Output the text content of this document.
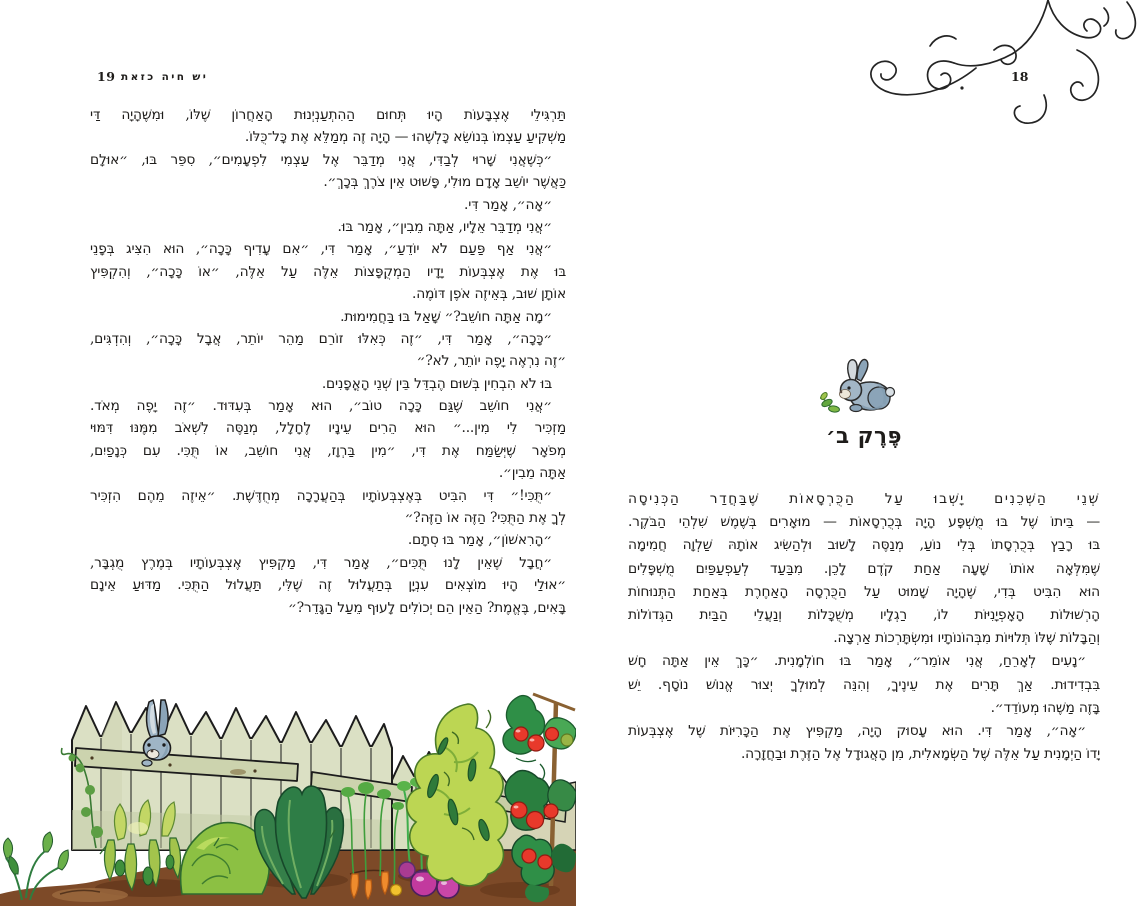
18
פֶּרֶק ב׳
שְׁנֵי הַשְּׁכֵנִים יָשְׁבוּ עַל הַכֻּרְסָאוֹת שֶׁבַּחֲדַר הַכְּנִיסָה
— בֵּיתוֹ שֶׁל בּוּ מֻשְׁפָּע הָיָה בְּכֻרְסָאוֹת — מוּאָרִים בְּשֶׁמֶשׁ שִׁלְהֵי הַבֹּקֶר.
בּוּ רָבַץ בְּכֻרְסָתוֹ בְּלִי נוֹעַ, מְנַסֶּה לָשׁוּב וּלְהַשִּׂיג אוֹתָהּ שַׁלְוָה חֲמִימָה
שֶׁמִּלְּאָה אוֹתוֹ שָׁעָה אַחַת קֹדֶם לָכֵן. מִבַּעַד לְעַפְעַפַּיִם מֻשְׁפָּלִים
הוּא הִבִּיט בְּדִי, שֶׁהָיָה שָׁמוּט עַל הַכֻּרְסָה הָאַחֶרֶת בְּאַחַת הַתְּנוּחוֹת
הָרְשׁוּלוֹת הָאָפְיָנִיּוֹת לוֹ, רַגְלָיו מְשֻׁכָּלוֹת וְנַעֲלֵי הַבַּיִת הַגְּדוֹלוֹת
וְהַבָּלוֹת שֶׁלּוֹ תְּלוּיוֹת מִבְּהוֹנוֹתָיו וּמִשְׂתָּרְכוֹת אַרְצָה.
״נָעִים לְאָרֵחַ, אֲנִי אוֹמֵר״, אָמַר בּוּ חוֹלְמָנִית. ״כָּךְ אֵין אַתָּה חָשׁ
בִּבְדִידוּת. אַךְ תָּרִים אֶת עֵינֶיךָ, וְהִנֵּה לְמוּלְךָ יְצוּר אֱנוֹשׁ נוֹסָף. יֵשׁ
בָּזֶה מַשֶּׁהוּ מְעוֹדֵד״.
״אָה״, אָמַר דִּי. הוּא עָסוּק הָיָה, מַקְפִּיץ אֶת הַכָּרִיּוֹת שֶׁל אֶצְבְּעוֹת
יָדוֹ הַיְמָנִית עַל אֵלֶּה שֶׁל הַשְּׂמָאלִית, מִן הָאֲגוּדָל אֶל הַזֶּרֶת וּבַחֲזָרָה.
19 יש חיה כזאת
תַּרְגִּילֵי אֶצְבָּעוֹת הָיוּ תְּחוּם הַהִתְעַנְיְנוּת הָאַחֲרוֹן שֶׁלּוֹ, וּמִשֶּׁהָיָה דַּי
מַשְׁקִיעַ עַצְמוֹ בְּנוֹשֵׂא כָּלְשֶׁהוּ — הָיָה זֶה מְמַלֵּא אֶת כָּל־כֻּלּוֹ.
״כְּשֶׁאֲנִי שָׁרוּי לְבַדִּי, אֲנִי מְדַבֵּר אֶל עַצְמִי לִפְעָמִים״, סִפֵּר בּוּ, ״אוּלָם
כַּאֲשֶׁר יוֹשֵׁב אָדָם מוּלִי, פָּשׁוּט אֵין צֹרֶךְ בְּכָךְ״.
״אָה״, אָמַר דִּי.
״אֲנִי מְדַבֵּר אֵלָיו, אַתָּה מֵבִין״, אָמַר בּוּ.
״אֲנִי אַף פַּעַם לֹא יוֹדֵעַ״, אָמַר דִּי, ״אִם עָדִיף כָּכָה״, הוּא הִצִּיג בְּפָנֵי
בּוּ אֶת אֶצְבְּעוֹת יָדָיו הַמְקֻפָּצוֹת אֵלֶּה עַל אֵלֶּה, ״אוֹ כָּכָה״, וְהִקְפִּיץ
אוֹתָן שׁוּב, בְּאֵיזֶה אֹפֶן דּוֹמֶה.
״מָה אַתָּה חוֹשֵׁב?״ שָׁאַל בּוּ בַּחֲמִימוּת.
״כָּכָה״, אָמַר דִּי, ״זֶה כְּאִלּוּ זוֹרֵם מַהֵר יוֹתֵר, אֲבָל כָּכָה״, וְהִדְגִּים,
״זֶה נִרְאֶה יָפֶה יוֹתֵר, לֹא?״
בּוּ לֹא הִבְחִין בְּשׁוּם הֶבְדֵּל בֵּין שְׁנֵי הָאֳפָנִים.
״אֲנִי חוֹשֵׁב שֶׁגַּם כָּכָה טוֹב״, הוּא אָמַר בְּעִדּוּד. ״זֶה יָפֶה מְאֹד.
מַזְכִּיר לִי מִין...״ הוּא הֵרִים עֵינָיו לֶחָלָל, מְנַסֶּה לִשְׁאֹב מִמֶּנּוּ דִּמּוּי
מְפֹאָר שֶׁיְּשַׂמַּח אֶת דִּי, ״מִין בַּרְוָז, אֲנִי חוֹשֵׁב, אוֹ תֻּכִּי. עִם כְּנָפַיִם,
אַתָּה מֵבִין״.
״תֻּכִּי!״ דִּי הִבִּיט בְּאֶצְבְּעוֹתָיו בְּהַעֲרָכָה מְחֻדֶּשֶׁת. ״אֵיזֶה מֵהֶם הִזְכִּיר
לְךָ אֶת הַתֻּכִּי? הַזֶּה אוֹ הַזֶּה?״
״הָרִאשׁוֹן״, אָמַר בּוּ סְתָם.
״חֲבָל שֶׁאֵין לָנוּ תֻּכִּים״, אָמַר דִּי, מַקְפִּיץ אֶצְבְּעוֹתָיו בְּמֶרֶץ מֻגְבָּר,
״אוּלַי הָיוּ מוֹצְאִים עִנְיָן בְּתַעֲלוּל זֶה שֶׁלִּי, תַּעֲלוּל הַתֻּכִּי. מַדּוּעַ אֵינָם
בָּאִים, בֶּאֱמֶת? הַאֵין הֵם יְכוֹלִים לָעוּף מֵעַל הַגָּדֵר?״
